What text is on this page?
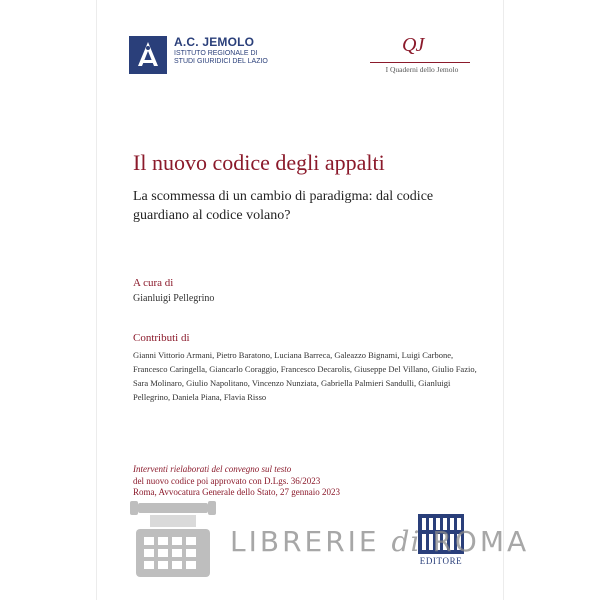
A.C. JEMOLO
ISTITUTO REGIONALE DI STUDI GIURIDICI DEL LAZIO
QJ
I Quaderni dello Jemolo
Il nuovo codice degli appalti
La scommessa di un cambio di paradigma: dal codice guardiano al codice volano?
A cura di
Gianluigi Pellegrino
Contributi di
Gianni Vittorio Armani, Pietro Baratono, Luciana Barreca, Galeazzo Bignami, Luigi Carbone, Francesco Caringella, Giancarlo Coraggio, Francesco Decarolis, Giuseppe Del Villano, Giulio Fazio, Sara Molinaro, Giulio Napolitano, Vincenzo Nunziata, Gabriella Palmieri Sandulli, Gianluigi Pellegrino, Daniela Piana, Flavia Risso
Interventi rielaborati del convegno sul testo
del nuovo codice poi approvato con D.Lgs. 36/2023
Roma, Avvocatura Generale dello Stato, 27 gennaio 2023
EDITORE
LIBRERIE di ROMA
